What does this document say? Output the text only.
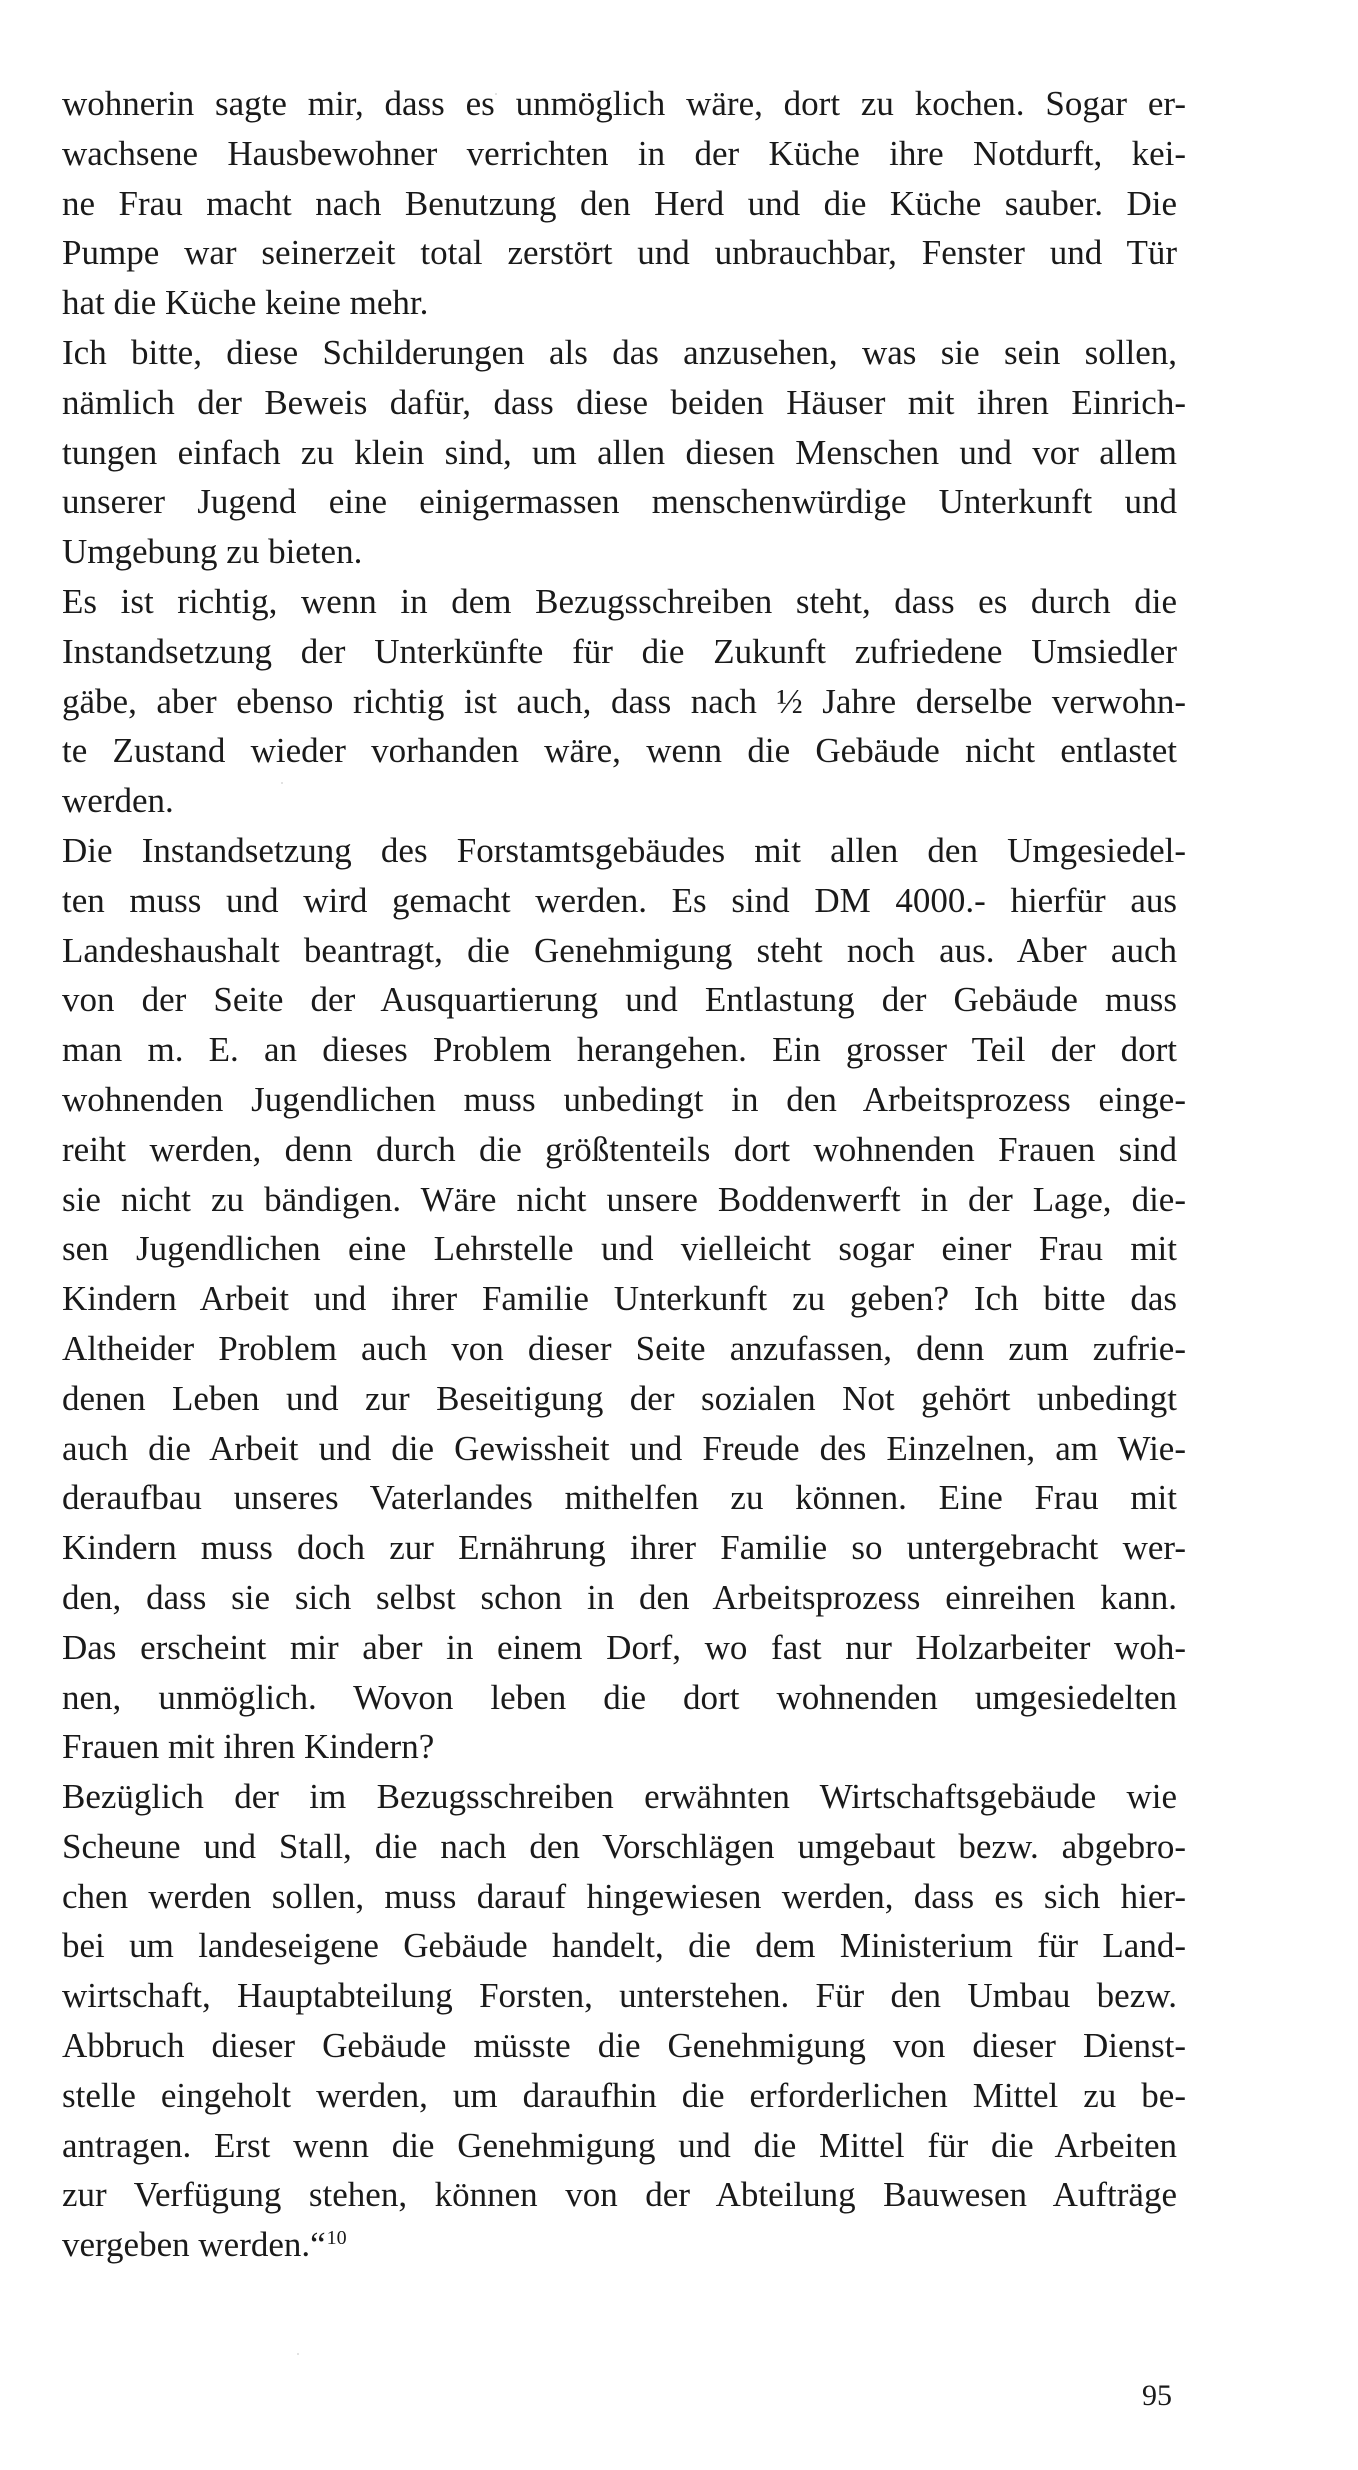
wohnerin sagte mir, dass es unmöglich wäre, dort zu kochen. Sogar er-
wachsene Hausbewohner verrichten in der Küche ihre Notdurft, kei-
ne Frau macht nach Benutzung den Herd und die Küche sauber. Die
Pumpe war seinerzeit total zerstört und unbrauchbar, Fenster und Tür
hat die Küche keine mehr.
Ich bitte, diese Schilderungen als das anzusehen, was sie sein sollen,
nämlich der Beweis dafür, dass diese beiden Häuser mit ihren Einrich-
tungen einfach zu klein sind, um allen diesen Menschen und vor allem
unserer Jugend eine einigermassen menschenwürdige Unterkunft und
Umgebung zu bieten.
Es ist richtig, wenn in dem Bezugsschreiben steht, dass es durch die
Instandsetzung der Unterkünfte für die Zukunft zufriedene Umsiedler
gäbe, aber ebenso richtig ist auch, dass nach ½ Jahre derselbe verwohn-
te Zustand wieder vorhanden wäre, wenn die Gebäude nicht entlastet
werden.
Die Instandsetzung des Forstamtsgebäudes mit allen den Umgesiedel-
ten muss und wird gemacht werden. Es sind DM 4000.- hierfür aus
Landeshaushalt beantragt, die Genehmigung steht noch aus. Aber auch
von der Seite der Ausquartierung und Entlastung der Gebäude muss
man m. E. an dieses Problem herangehen. Ein grosser Teil der dort
wohnenden Jugendlichen muss unbedingt in den Arbeitsprozess einge-
reiht werden, denn durch die größtenteils dort wohnenden Frauen sind
sie nicht zu bändigen. Wäre nicht unsere Boddenwerft in der Lage, die-
sen Jugendlichen eine Lehrstelle und vielleicht sogar einer Frau mit
Kindern Arbeit und ihrer Familie Unterkunft zu geben? Ich bitte das
Altheider Problem auch von dieser Seite anzufassen, denn zum zufrie-
denen Leben und zur Beseitigung der sozialen Not gehört unbedingt
auch die Arbeit und die Gewissheit und Freude des Einzelnen, am Wie-
deraufbau unseres Vaterlandes mithelfen zu können. Eine Frau mit
Kindern muss doch zur Ernährung ihrer Familie so untergebracht wer-
den, dass sie sich selbst schon in den Arbeitsprozess einreihen kann.
Das erscheint mir aber in einem Dorf, wo fast nur Holzarbeiter woh-
nen, unmöglich. Wovon leben die dort wohnenden umgesiedelten
Frauen mit ihren Kindern?
Bezüglich der im Bezugsschreiben erwähnten Wirtschaftsgebäude wie
Scheune und Stall, die nach den Vorschlägen umgebaut bezw. abgebro-
chen werden sollen, muss darauf hingewiesen werden, dass es sich hier-
bei um landeseigene Gebäude handelt, die dem Ministerium für Land-
wirtschaft, Hauptabteilung Forsten, unterstehen. Für den Umbau bezw.
Abbruch dieser Gebäude müsste die Genehmigung von dieser Dienst-
stelle eingeholt werden, um daraufhin die erforderlichen Mittel zu be-
antragen. Erst wenn die Genehmigung und die Mittel für die Arbeiten
zur Verfügung stehen, können von der Abteilung Bauwesen Aufträge
vergeben werden.“$^{10}$
95
